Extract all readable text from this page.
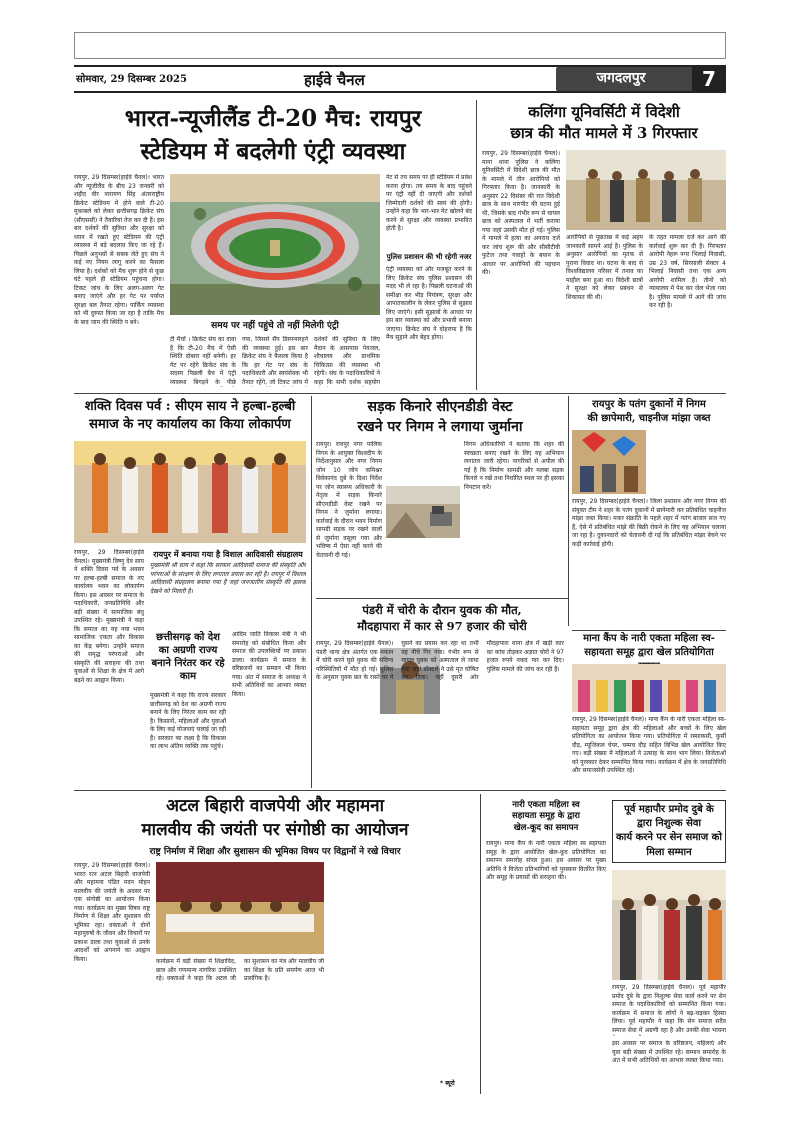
सोमवार, 29 दिसम्बर 2025	हाईवे चैनल	जगदलपुर	7
भारत-न्यूजीलैंड टी-20 मैच: रायपुर
स्टेडियम में बदलेगी एंट्री व्यवस्था
रायपुर, 29 दिसम्बर(हाईवे चैनल)। भारत और न्यूजीलैंड के बीच 23 जनवरी को शहीद वीर नारायण सिंह अंतरराष्ट्रीय क्रिकेट स्टेडियम में होने वाले टी-20 मुकाबले को लेकर छत्तीसगढ़ क्रिकेट संघ (सीएससी) ने तैयारियां तेज कर दी हैं। इस बार दर्शकों की सुविधा और सुरक्षा को ध्यान में रखते हुए स्टेडियम की एंट्री व्यवस्था में बड़े बदलाव किए जा रहे हैं। पिछले अनुभवों से सबक लेते हुए संघ ने कई नए नियम लागू करने का फैसला लिया है। दर्शकों को मैच शुरू होने से कुछ घंटे पहले ही स्टेडियम पहुंचना होगा। टिकट जांच के लिए अलग-अलग गेट बनाए जाएंगे और हर गेट पर पर्याप्त सुरक्षा बल तैनात रहेगा। पार्किंग व्यवस्था को भी दुरुस्त किया जा रहा है ताकि मैच के बाद जाम की स्थिति न बने।
नेट से तय समय पर ही स्टेडियम में प्रवेश करना होगा। तय समय के बाद पहुंचने पर एंट्री नहीं दी जाएगी और दर्शकों जिम्मेदारी दर्शकों की स्वयं की होगी। उन्होंने कहा कि भार-भार मेट खोलने बंद करने से सुरक्षा और व्यवस्था प्रभावित होती है।
पुलिस प्रशासन की भी रहेगी नजर
एंट्री व्यवस्था को और मजबूत करने के लिए क्रिकेट संघ पुलिस प्रशासन की मदद भी ले रहा है। पिछली घटनाओं की समीक्षा कर भीड़ नियंत्रण, सुरक्षा और आपातकालीन के लेकर पुलिस से सुझाव लिए जाएंगे। इसी सुझावों के आधार पर इस बार व्यवस्था को और प्रभावी बनाया जाएगा। क्रिकेट संघ ने दोहराया है कि मैच सुहाने और बेहद होगा।
समय पर नहीं पहुंचे तो नहीं मिलेगी एंट्री
टी मैचों । क्रिकेट संघ का दावा है कि टी-20 मैच में ऐसी स्थिति दोबारा नहीं बनेगी। हर गेट पर रहेंगे क्रिकेट संघ के सदस्य पिछली बैच में एंट्री व्यवस्था बिगड़ने के पीछे
गया, जिससे सैंप डिस्पन्सरहने की व्यवस्था हुई। इस बार क्रिकेट संघ ने फैसला किया है कि हर गेट पर संघ के पदाधिकारी और स्वयंसेवक भी तैनात रहेंगे, जो टिकट जांच में
दर्शकों की सुविधा के लिए मैदान के आसपास पेयजल, शौचालय और प्राथमिक चिकित्सा की व्यवस्था भी रहेगी। संघ के पदाधिकारियों ने कहा कि सभी दर्शक सहयोग
कलिंगा यूनिवर्सिटी में विदेशी
छात्र की मौत मामले में 3 गिरफ्तार
रायपुर, 29 दिसम्बर(हाईवे चैनल)। माना थाना पुलिस ने कलिंगा यूनिवर्सिटी में विदेशी छात्र की मौत के मामले में तीन आरोपियों को गिरफ्तार किया है। जानकारी के अनुसार 22 दिसंबर की रात विदेशी छात्र के साथ मारपीट की घटना हुई थी, जिसके बाद गंभीर रूप से घायल छात्र को अस्पताल में भर्ती कराया गया जहां उसकी मौत हो गई। पुलिस ने मामले में हत्या का अपराध दर्ज कर जांच शुरू की और सीसीटीवी फुटेज तथा गवाहों के बयान के आधार पर आरोपियों की पहचान की।
आरोपियों से पूछताछ में कई अहम जानकारी सामने आई है। पुलिस के अनुसार आरोपियों का मृतक से पुराना विवाद था। घटना के बाद से विश्वविद्यालय परिसर में तनाव का माहौल बना हुआ था। विदेशी छात्रों ने सुरक्षा को लेकर प्रबंधन से शिकायत की थी।
के तहत मामला दर्ज कर आगे की कार्रवाई शुरू कर दी है। गिरफ्तार आरोपी नेहरू नगर भिलाई निवासी, उम्र 23 वर्ष, सिरसाली सेक्टर 4 भिलाई निवासी तथा एक अन्य आरोपी शामिल हैं। तीनों को न्यायालय में पेश कर जेल भेजा गया है। पुलिस मामले में आगे की जांच कर रही है।
शक्ति दिवस पर्व : सीएम साय ने हल्बा-हल्बी
समाज के नए कार्यालय का किया लोकार्पण
रायपुर, 29 दिसम्बर(हाईवे चैनल)। मुख्यमंत्री विष्णु देव साय ने शक्ति दिवस पर्व के अवसर पर हल्बा-हल्बी समाज के नए कार्यालय भवन का लोकार्पण किया। इस अवसर पर समाज के पदाधिकारी, जनप्रतिनिधि और बड़ी संख्या में सामाजिक बंधु उपस्थित रहे। मुख्यमंत्री ने कहा कि समाज का यह नया भवन सामाजिक एकता और विकास का केंद्र बनेगा। उन्होंने समाज की समृद्ध परंपराओं और संस्कृति की सराहना की तथा युवाओं से शिक्षा के क्षेत्र में आगे बढ़ने का आह्वान किया।
रायपुर में बनाया गया है विशाल आदिवासी संग्रहालय
मुख्यमंत्री श्री साय ने कहा कि सरकार आदिवासी समाज की संस्कृति और परंपराओं के संरक्षण के लिए लगातार प्रयास कर रही है। रायपुर में विशाल आदिवासी संग्रहालय बनाया गया है जहां जनजातीय संस्कृति की झलक देखने को मिलती है।
छत्तीसगढ़ को देश का अग्रणी राज्य बनाने निरंतर कर रहे काम
मुख्यमंत्री ने कहा कि राज्य सरकार छत्तीसगढ़ को देश का अग्रणी राज्य बनाने के लिए निरंतर काम कर रही है। किसानों, महिलाओं और युवाओं के लिए कई योजनाएं चलाई जा रही हैं। सरकार का लक्ष्य है कि विकास का लाभ अंतिम व्यक्ति तक पहुंचे।
आदिम जाति विकास मंत्री ने भी समारोह को संबोधित किया और समाज की उपलब्धियों पर प्रकाश डाला। कार्यक्रम में समाज के वरिष्ठजनों का सम्मान भी किया गया। अंत में समाज के अध्यक्ष ने सभी अतिथियों का आभार व्यक्त किया।
सड़क किनारे सीएनडीडी वेस्ट
रखने पर निगम ने लगाया जुर्माना
रायपुर। रायपुर नगर पालिक निगम के आयुक्त विश्वदीप के निर्देशानुसार और नगर निगम जोन 10 जोन कमिश्नर विवेकानंद दुबे के दिशा निर्देश पर जोन स्वास्थ्य अधिकारी के नेतृत्व में सड़क किनारे सीएनडीडी वेस्ट रखने पर निगम ने जुर्माना लगाया। कार्रवाई के दौरान भवन निर्माण सामग्री सड़क पर रखने वालों से जुर्माना वसूला गया और भविष्य में ऐसा नहीं करने की चेतावनी दी गई।
निगम अधिकारियों ने बताया कि शहर की स्वच्छता बनाए रखने के लिए यह अभियान लगातार जारी रहेगा। नागरिकों से अपील की गई है कि निर्माण सामग्री और मलबा सड़क किनारे न रखें तथा निर्धारित स्थल पर ही इसका निपटान करें।
रायपुर के पतंग दुकानों में निगम
की छापेमारी, चाइनीज मांझा जब्त
रायपुर, 29 दिसम्बर(हाईवे चैनल)। जिला प्रशासन और नगर निगम की संयुक्त टीम ने शहर के पतंग दुकानों में छापेमारी कर प्रतिबंधित चाइनीज मांझा जब्त किया। मकर संक्रांति के पहले शहर में पतंग बाजार सज गए हैं, ऐसे में प्रतिबंधित मांझे की बिक्री रोकने के लिए यह अभियान चलाया जा रहा है। दुकानदारों को चेतावनी दी गई कि प्रतिबंधित मांझा बेचने पर कड़ी कार्रवाई होगी।
पंडरी में चोरी के दौरान युवक की मौत,
मौदहापारा में कार से 97 हजार की चोरी
रायपुर, 29 दिसम्बर(हाईवे चैनल)। पंडरी थाना क्षेत्र अंतर्गत एक मकान में चोरी करने घुसे युवक की संदिग्ध परिस्थितियों में मौत हो गई। पुलिस के अनुसार युवक छत के रास्ते घर में घुसने का प्रयास कर रहा था तभी वह नीचे गिर गया। गंभीर रूप से घायल युवक को अस्पताल ले जाया गया जहां डॉक्टरों ने उसे मृत घोषित कर दिया। वहीं दूसरी ओर मौदहापारा थाना क्षेत्र में खड़ी कार का कांच तोड़कर अज्ञात चोरों ने 97 हजार रुपये नकद पार कर दिए। पुलिस मामले की जांच कर रही है।
माना कैंप के नारी एकता महिला स्व-
सहायता समूह द्वारा खेल प्रतियोगिता
रायपुर, 29 दिसम्बर(हाईवे चैनल)। माना कैंप के नारी एकता महिला स्व-सहायता समूह द्वारा क्षेत्र की महिलाओं और बच्चों के लिए खेल प्रतियोगिता का आयोजन किया गया। प्रतियोगिता में रस्साकसी, कुर्सी दौड़, म्यूजिकल चेयर, चम्मच दौड़ सहित विभिन्न खेल आयोजित किए गए। बड़ी संख्या में महिलाओं ने उत्साह के साथ भाग लिया। विजेताओं को पुरस्कार देकर सम्मानित किया गया। कार्यक्रम में क्षेत्र के जनप्रतिनिधि और समाजसेवी उपस्थित रहे।
अटल बिहारी वाजपेयी और महामना
मालवीय की जयंती पर संगोष्ठी का आयोजन
राष्ट्र निर्माण में शिक्षा और सुशासन की भूमिका विषय पर विद्वानों ने रखे विचार
रायपुर, 29 दिसम्बर(हाईवे चैनल)। भारत रत्न अटल बिहारी वाजपेयी और महामना पंडित मदन मोहन मालवीय की जयंती के अवसर पर एक संगोष्ठी का आयोजन किया गया। कार्यक्रम का मुख्य विषय राष्ट्र निर्माण में शिक्षा और सुशासन की भूमिका रहा। वक्ताओं ने दोनों महापुरुषों के जीवन और विचारों पर प्रकाश डाला तथा युवाओं से उनके आदर्शों को अपनाने का आह्वान किया।	कार्यक्रम में बड़ी संख्या में शिक्षाविद, छात्र और गणमान्य नागरिक उपस्थित रहे। वक्ताओं ने कहा कि अटल जी का सुशासन का मंत्र और मालवीय जी का शिक्षा के प्रति समर्पण आज भी प्रासंगिक है।
* ब्यूरो
नारी एकता महिला स्व
सहायता समूह के द्वारा
खेल-कूद का समापन
रायपुर। माना कैंप के नारी एकता महिला स्व सहायता समूह के द्वारा आयोजित खेल-कूद प्रतियोगिता का समापन समारोह संपन्न हुआ। इस अवसर पर मुख्य अतिथि ने विजेता प्रतिभागियों को पुरस्कार वितरित किए और समूह के प्रयासों की सराहना की।
पूर्व महापौर प्रमोद दुबे के द्वारा निशुल्क सेवा
कार्य करने पर सेन समाज को मिला सम्मान
रायपुर, 29 दिसम्बर(हाईवे चैनल)। पूर्व महापौर प्रमोद दुबे के द्वारा निशुल्क सेवा कार्य करने पर सेन समाज के पदाधिकारियों को सम्मानित किया गया। कार्यक्रम में समाज के लोगों ने बढ़-चढ़कर हिस्सा लिया। पूर्व महापौर ने कहा कि सेन समाज सदैव समाज सेवा में अग्रणी रहा है और उनकी सेवा भावना
इस अवसर पर समाज के वरिष्ठजन, महिलाएं और युवा बड़ी संख्या में उपस्थित रहे। सम्मान समारोह के अंत में सभी अतिथियों का आभार व्यक्त किया गया।
